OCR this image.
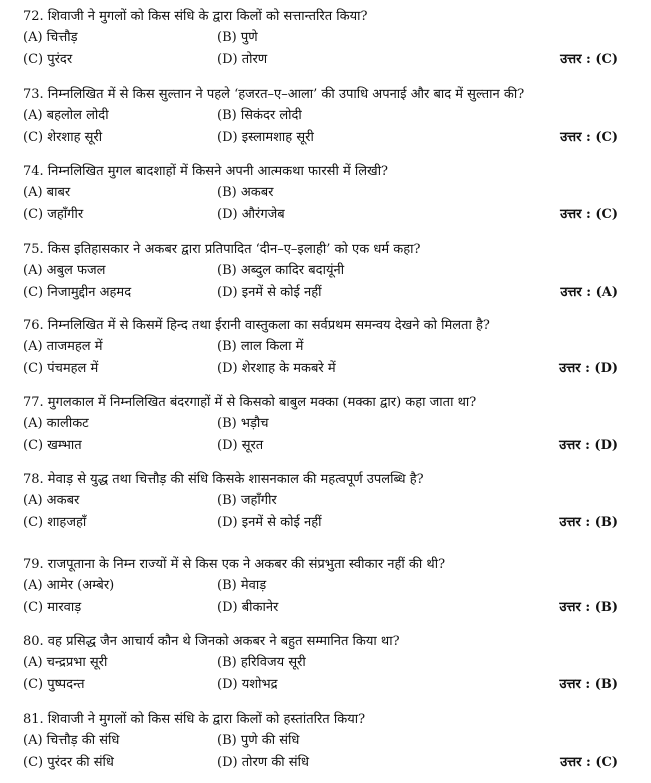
72. शिवाजी ने मुगलों को किस संधि के द्वारा किलों को सत्तान्तरित किया?
(A) चित्तौड़	(B) पुणे
(C) पुरंदर	(D) तोरण	उत्तर : (C)
73. निम्नलिखित में से किस सुल्तान ने पहले ‘हजरत–ए–आला’ की उपाधि अपनाई और बाद में सुल्तान की?
(A) बहलोल लोदी	(B) सिकंदर लोदी
(C) शेरशाह सूरी	(D) इस्लामशाह सूरी	उत्तर : (C)
74. निम्नलिखित मुगल बादशाहों में किसने अपनी आत्मकथा फारसी में लिखी?
(A) बाबर	(B) अकबर
(C) जहाँगीर	(D) औरंगजेब	उत्तर : (C)
75. किस इतिहासकार ने अकबर द्वारा प्रतिपादित ‘दीन–ए–इलाही’ को एक धर्म कहा?
(A) अबुल फजल	(B) अब्दुल कादिर बदायूंनी
(C) निजामुद्दीन अहमद	(D) इनमें से कोई नहीं	उत्तर : (A)
76. निम्नलिखित में से किसमें हिन्द तथा ईरानी वास्तुकला का सर्वप्रथम समन्वय देखने को मिलता है?
(A) ताजमहल में	(B) लाल किला में
(C) पंचमहल में	(D) शेरशाह के मकबरे में	उत्तर : (D)
77. मुगलकाल में निम्नलिखित बंदरगाहों में से किसको बाबुल मक्का (मक्का द्वार) कहा जाता था?
(A) कालीकट	(B) भड़ौच
(C) खम्भात	(D) सूरत	उत्तर : (D)
78. मेवाड़ से युद्ध तथा चित्तौड़ की संधि किसके शासनकाल की महत्वपूर्ण उपलब्धि है?
(A) अकबर	(B) जहाँगीर
(C) शाहजहाँ	(D) इनमें से कोई नहीं	उत्तर : (B)
79. राजपूताना के निम्न राज्यों में से किस एक ने अकबर की संप्रभुता स्वीकार नहीं की थी?
(A) आमेर (अम्बेर)	(B) मेवाड़
(C) मारवाड़	(D) बीकानेर	उत्तर : (B)
80. वह प्रसिद्ध जैन आचार्य कौन थे जिनको अकबर ने बहुत सम्मानित किया था?
(A) चन्द्रप्रभा सूरी	(B) हरिविजय सूरी
(C) पुष्पदन्त	(D) यशोभद्र	उत्तर : (B)
81. शिवाजी ने मुगलों को किस संधि के द्वारा किलों को हस्तांतरित किया?
(A) चित्तौड़ की संधि	(B) पुणे की संधि
(C) पुरंदर की संधि	(D) तोरण की संधि	उत्तर : (C)
